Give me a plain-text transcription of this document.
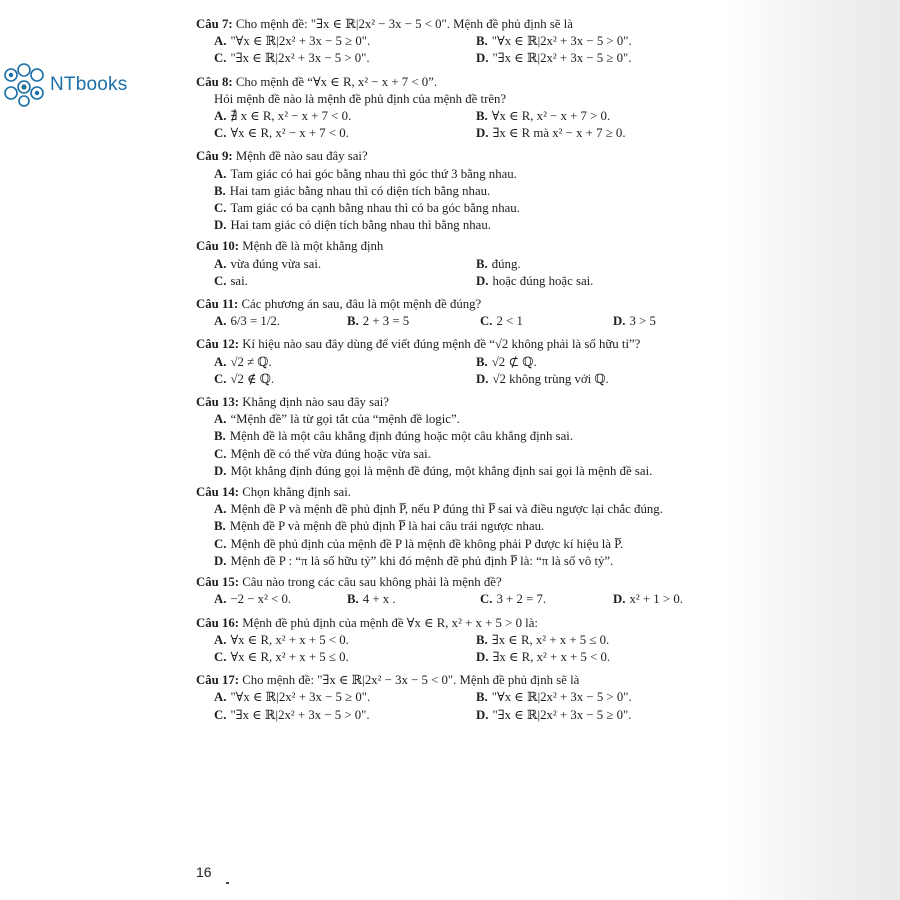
NTbooks

Câu 7: Cho mệnh đề: "∃x ∈ ℝ|2x² − 3x − 5 < 0". Mệnh đề phủ định sẽ là

A. "∀x ∈ ℝ|2x² + 3x − 5 ≥ 0".	B. "∀x ∈ ℝ|2x² + 3x − 5 > 0".
C. "∃x ∈ ℝ|2x² + 3x − 5 > 0".	D. "∃x ∈ ℝ|2x² + 3x − 5 ≥ 0".

Câu 8: Cho mệnh đề “∀x ∈ R, x² − x + 7 < 0”.

Hỏi mệnh đề nào là mệnh đề phủ định của mệnh đề trên?
A. ∄ x ∈ R, x² − x + 7 < 0.	B. ∀x ∈ R, x² − x + 7 > 0.
C. ∀x ∈ R, x² − x + 7 < 0.	D. ∃x ∈ R mà x² − x + 7 ≥ 0.

Câu 9: Mệnh đề nào sau đây sai?

A. Tam giác có hai góc bằng nhau thì góc thứ 3 bằng nhau.
B. Hai tam giác bằng nhau thì có diện tích bằng nhau.
C. Tam giác có ba cạnh bằng nhau thì có ba góc bằng nhau.
D. Hai tam giác có diện tích bằng nhau thì bằng nhau.

Câu 10: Mệnh đề là một khẳng định

A. vừa đúng vừa sai.	B. đúng.
C. sai.	D. hoặc đúng hoặc sai.

Câu 11: Các phương án sau, đâu là một mệnh đề đúng?

A. 6/3 = 1/2.	B. 2 + 3 = 5	C. 2 < 1	D. 3 > 5

Câu 12: Kí hiệu nào sau đây dùng để viết đúng mệnh đề “√2 không phải là số hữu tỉ”?

A. √2 ≠ ℚ.	B. √2 ⊄ ℚ.
C. √2 ∉ ℚ.	D. √2 không trùng với ℚ.

Câu 13: Khẳng định nào sau đây sai?

A. “Mệnh đề” là từ gọi tắt của “mệnh đề logic”.
B. Mệnh đề là một câu khẳng định đúng hoặc một câu khẳng định sai.
C. Mệnh đề có thể vừa đúng hoặc vừa sai.
D. Một khẳng định đúng gọi là mệnh đề đúng, một khẳng định sai gọi là mệnh đề sai.

Câu 14: Chọn khẳng định sai.

A. Mệnh đề P và mệnh đề phủ định P̅, nếu P đúng thì P̅ sai và điều ngược lại chắc đúng.
B. Mệnh đề P và mệnh đề phủ định P̅ là hai câu trái ngược nhau.
C. Mệnh đề phủ định của mệnh đề P là mệnh đề không phải P được kí hiệu là P̅.
D. Mệnh đề P : “π là số hữu tỷ” khi đó mệnh đề phủ định P̅ là: “π là số vô tỷ”.

Câu 15: Câu nào trong các câu sau không phải là mệnh đề?

A. −2 − x² < 0.	B. 4 + x .	C. 3 + 2 = 7.	D. x² + 1 > 0.

Câu 16: Mệnh đề phủ định của mệnh đề ∀x ∈ R, x² + x + 5 > 0 là:

A. ∀x ∈ R, x² + x + 5 < 0.	B. ∃x ∈ R, x² + x + 5 ≤ 0.
C. ∀x ∈ R, x² + x + 5 ≤ 0.	D. ∃x ∈ R, x² + x + 5 < 0.

Câu 17: Cho mệnh đề: "∃x ∈ ℝ|2x² − 3x − 5 < 0". Mệnh đề phủ định sẽ là

A. "∀x ∈ ℝ|2x² + 3x − 5 ≥ 0".	B. "∀x ∈ ℝ|2x² + 3x − 5 > 0".
C. "∃x ∈ ℝ|2x² + 3x − 5 > 0".	D. "∃x ∈ ℝ|2x² + 3x − 5 ≥ 0".
16
